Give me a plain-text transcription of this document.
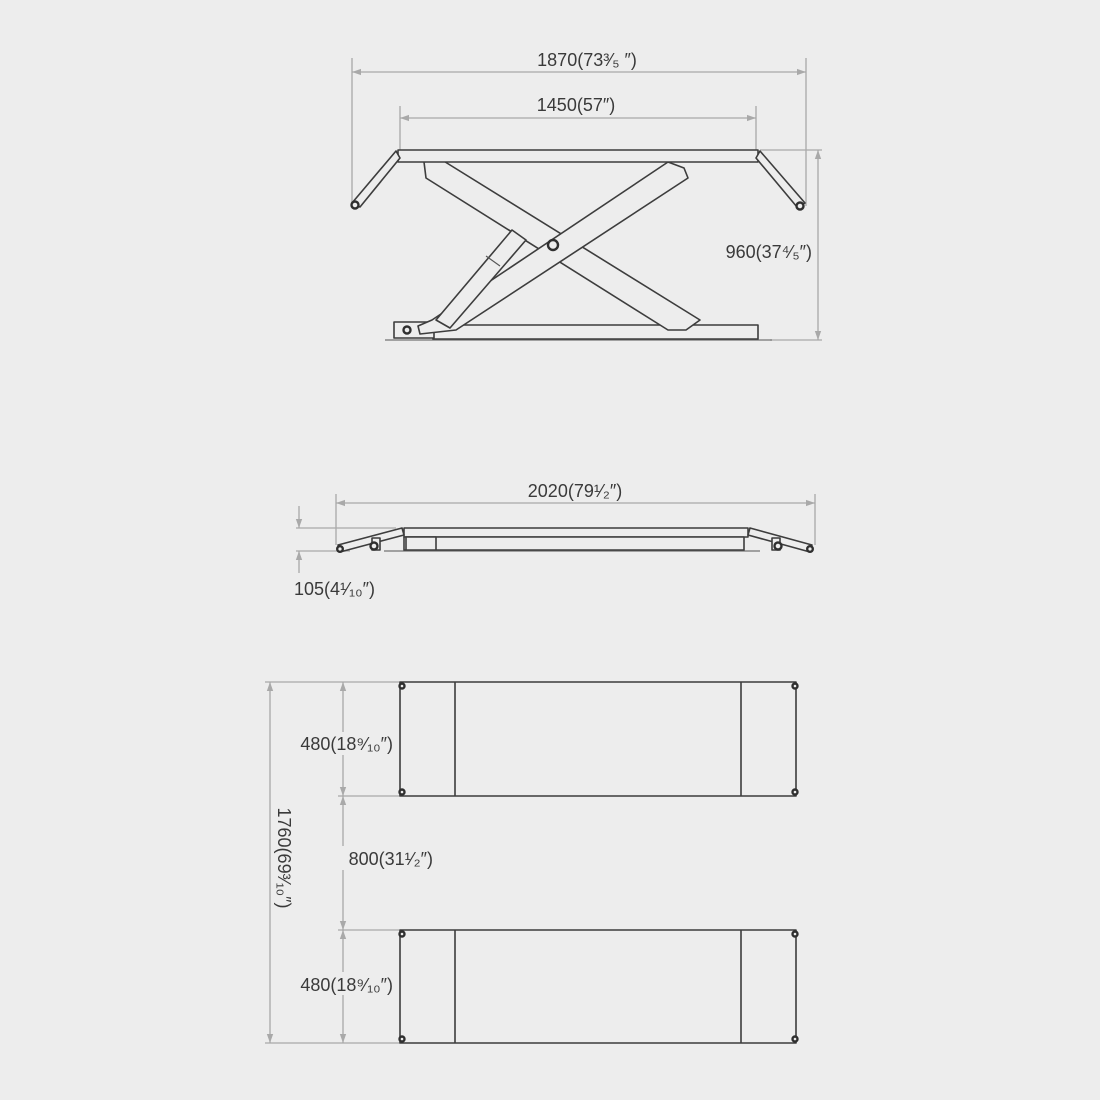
1870(73³⁄₅ ″)
1450(57″)
960(37⁴⁄₅″)
2020(79¹⁄₂″)
105(4¹⁄₁₀″)
1760(69³⁄₁₀″)
480(18⁹⁄₁₀″)
800(31¹⁄₂″)
480(18⁹⁄₁₀″)
